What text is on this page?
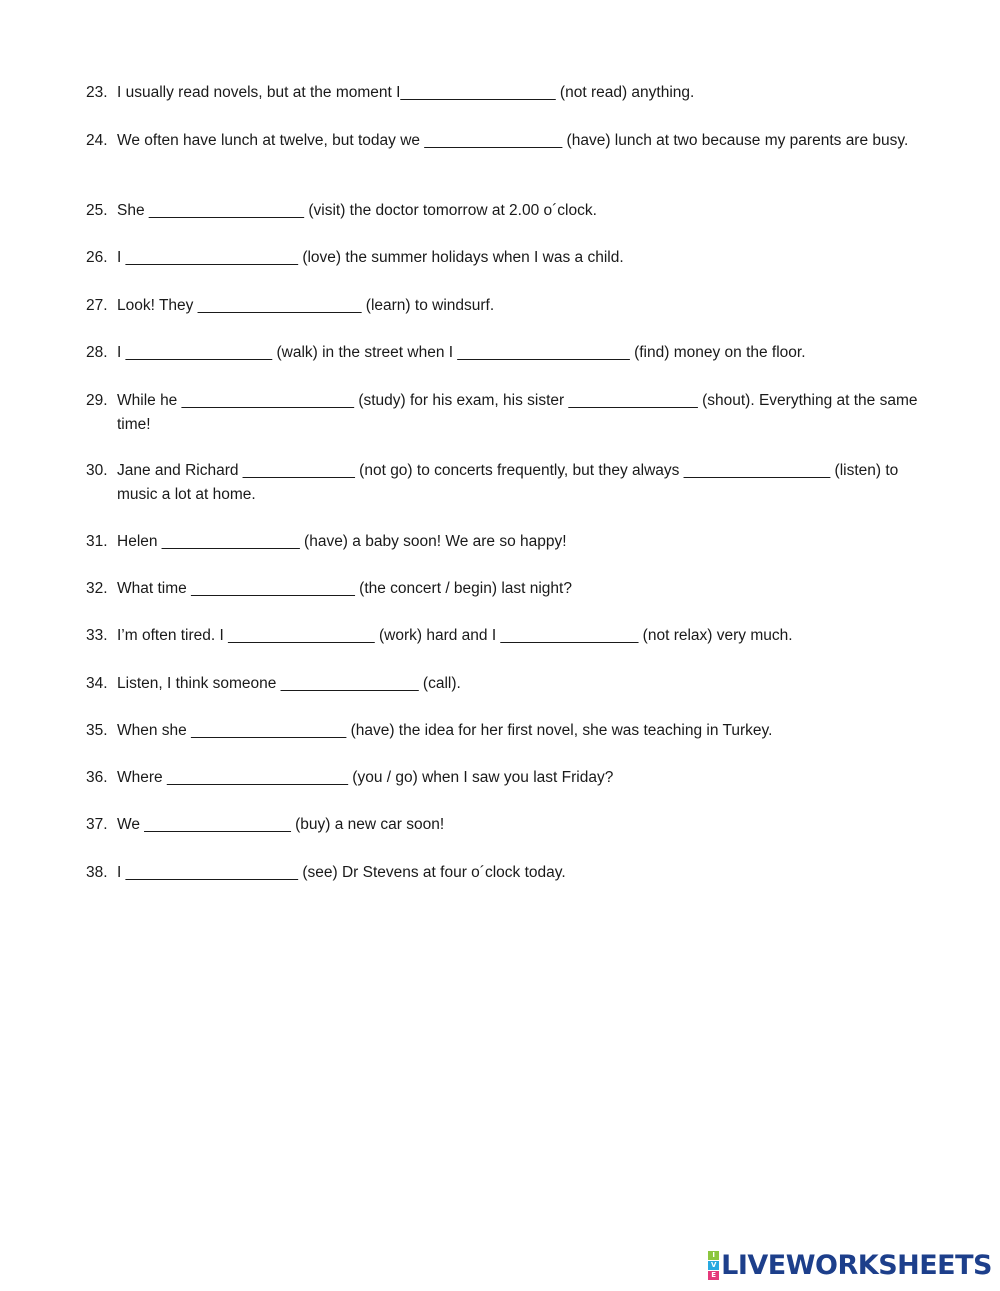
23. I usually read novels, but at the moment I__________________ (not read) anything.
24. We often have lunch at twelve, but today we ________________ (have) lunch at two because my parents are busy.
25. She __________________ (visit) the doctor tomorrow at 2.00 o´clock.
26. I ____________________ (love) the summer holidays when I was a child.
27. Look! They ___________________ (learn) to windsurf.
28. I _________________ (walk) in the street when I ____________________ (find) money on the floor.
29. While he ____________________ (study) for his exam, his sister _______________ (shout). Everything at the same time!
30. Jane and Richard _____________ (not go) to concerts frequently, but they always _________________ (listen) to music a lot at home.
31. Helen ________________ (have) a baby soon! We are so happy!
32. What time ___________________ (the concert / begin) last night?
33. I’m often tired. I _________________ (work) hard and I ________________ (not relax) very much.
34. Listen, I think someone ________________ (call).
35. When she __________________ (have) the idea for her first novel, she was teaching in Turkey.
36. Where _____________________ (you / go) when I saw you last Friday?
37. We _________________ (buy) a new car soon!
38. I ____________________ (see) Dr Stevens at four o´clock today.
I
V
E LIVEWORKSHEETS
